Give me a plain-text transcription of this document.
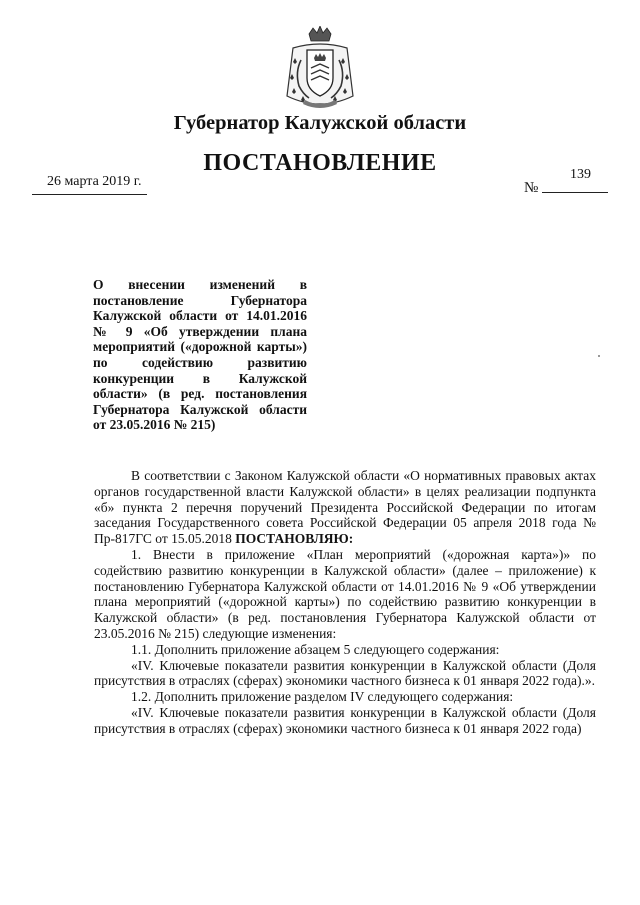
Губернатор Калужской области
ПОСТАНОВЛЕНИЕ
26 марта 2019 г.	№
139
О внесении изменений в постановление Губернатора Калужской области от 14.01.2016 № 9 «Об утверждении плана мероприятий («дорожной карты») по содействию развитию конкуренции в Калужской области» (в ред. постановления Губернатора Калужской области от 23.05.2016 № 215)

В соответствии с Законом Калужской области «О нормативных правовых актах органов государственной власти Калужской области» в целях реализации подпункта «б» пункта 2 перечня поручений Президента Российской Федерации по итогам заседания Государственного совета Российской Федерации 05 апреля 2018 года № Пр-817ГС от 15.05.2018 ПОСТАНОВЛЯЮ:

1. Внести в приложение «План мероприятий («дорожная карта»)» по содействию развитию конкуренции в Калужской области» (далее – приложение) к постановлению Губернатора Калужской области от 14.01.2016 № 9 «Об утверждении плана мероприятий («дорожной карты») по содействию развитию конкуренции в Калужской области» (в ред. постановления Губернатора Калужской области от 23.05.2016 № 215) следующие изменения:

1.1. Дополнить приложение абзацем 5 следующего содержания:

«IV. Ключевые показатели развития конкуренции в Калужской области (Доля присутствия в отраслях (сферах) экономики частного бизнеса к 01 января 2022 года).».

1.2. Дополнить приложение разделом IV следующего содержания:

«IV. Ключевые показатели развития конкуренции в Калужской области (Доля присутствия в отраслях (сферах) экономики частного бизнеса к 01 января 2022 года)
